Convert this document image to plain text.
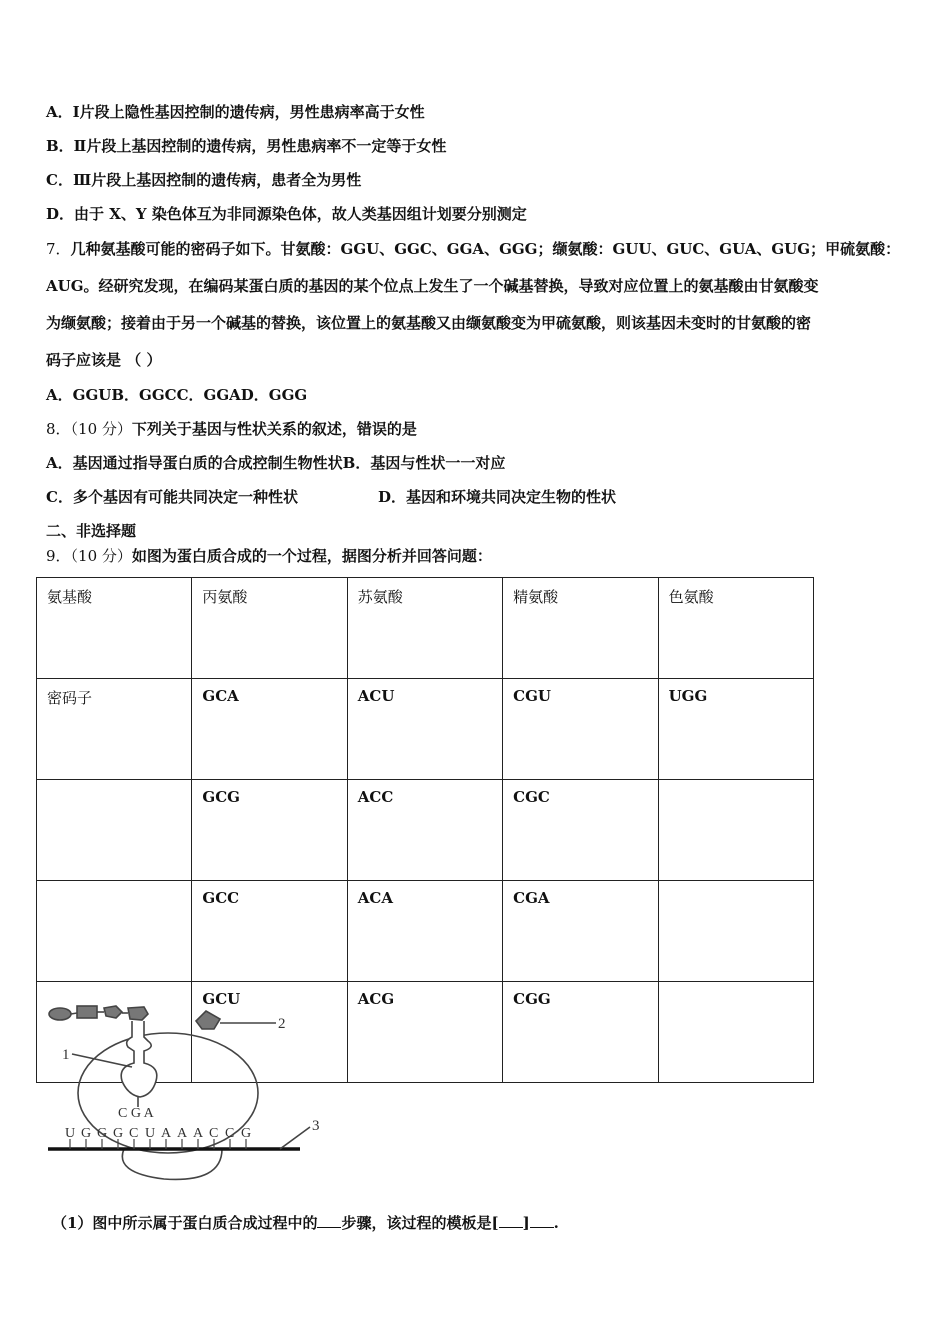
A．Ⅰ片段上隐性基因控制的遗传病，男性患病率高于女性
B．Ⅱ片段上基因控制的遗传病，男性患病率不一定等于女性
C．Ⅲ片段上基因控制的遗传病，患者全为男性
D．由于 X、Y 染色体互为非同源染色体，故人类基因组计划要分别测定
7．几种氨基酸可能的密码子如下。甘氨酸：GGU、GGC、GGA、GGG；缬氨酸：GUU、GUC、GUA、GUG；甲硫氨酸：
AUG。经研究发现，在编码某蛋白质的基因的某个位点上发生了一个碱基替换，导致对应位置上的氨基酸由甘氨酸变
为缬氨酸；接着由于另一个碱基的替换，该位置上的氨基酸又由缬氨酸变为甲硫氨酸，则该基因未变时的甘氨酸的密
码子应该是 （ ）
A．GGUB．GGCC．GGAD．GGG
8．（10 分）下列关于基因与性状关系的叙述，错误的是
A．基因通过指导蛋白质的合成控制生物性状B．基因与性状一一对应
C．多个基因有可能共同决定一种性状	D．基因和环境共同决定生物的性状
二、非选择题
9．（10 分）如图为蛋白质合成的一个过程，据图分析并回答问题：
氨基酸	丙氨酸	苏氨酸	精氨酸	色氨酸
密码子	GCA	ACU	CGU	UGG
	GCG	ACC	CGC	
	GCC	ACA	CGA	
	GCU	ACG	CGG	
2
C G A
1
U G G G C U A A A C C G	3
（1）图中所示属于蛋白质合成过程中的 步骤，该过程的模板是[ ] .
